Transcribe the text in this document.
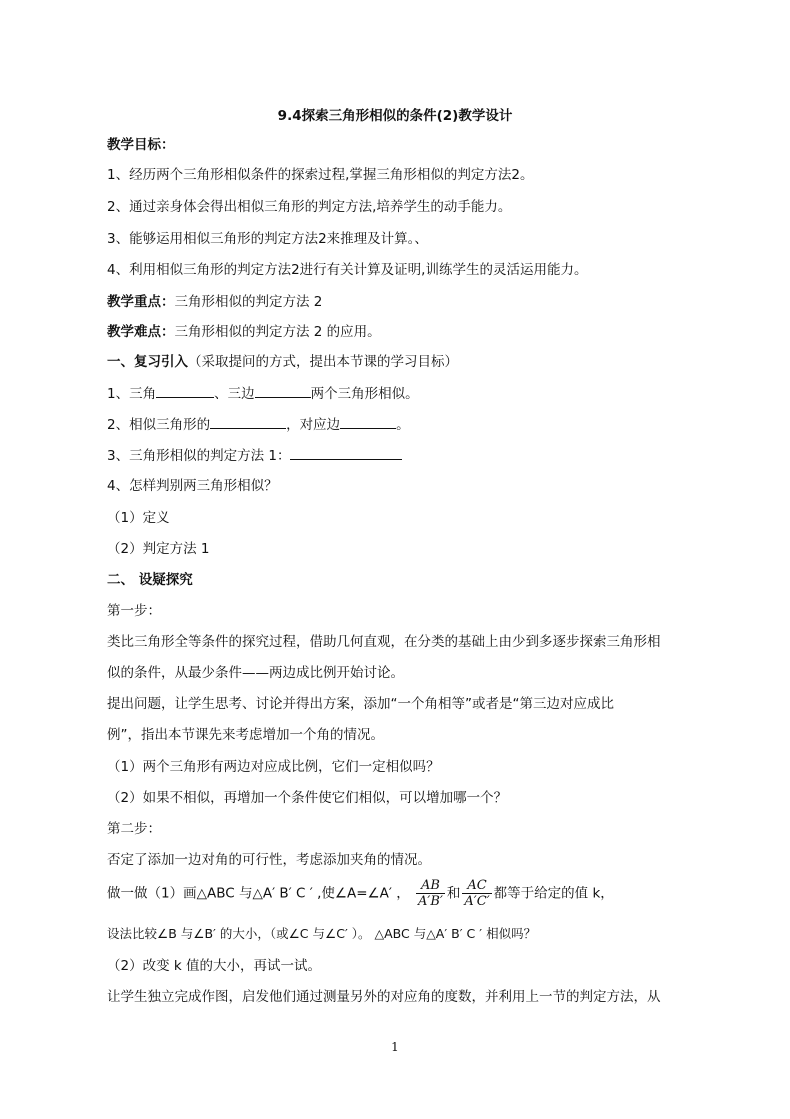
9.4探索三角形相似的条件(2)教学设计
教学目标：
1、经历两个三角形相似条件的探索过程,掌握三角形相似的判定方法2。
2、通过亲身体会得出相似三角形的判定方法,培养学生的动手能力。
3、能够运用相似三角形的判定方法2来推理及计算。、
4、利用相似三角形的判定方法2进行有关计算及证明,训练学生的灵活运用能力。
教学重点：三角形相似的判定方法 2
教学难点：三角形相似的判定方法 2 的应用。
一、复习引入（采取提问的方式，提出本节课的学习目标）
1、三角	、三边	两个三角形相似。
2、相似三角形的	，对应边	。
3、三角形相似的判定方法 1：
4、怎样判别两三角形相似？
（1）定义
（2）判定方法 1
二、 设疑探究
第一步：
类比三角形全等条件的探究过程，借助几何直观，在分类的基础上由少到多逐步探索三角形相
似的条件，从最少条件——两边成比例开始讨论。
提出问题，让学生思考、讨论并得出方案，添加“一个角相等”或者是“第三边对应成比
例”，指出本节课先来考虑增加一个角的情况。
（1）两个三角形有两边对应成比例，它们一定相似吗？
（2）如果不相似，再增加一个条件使它们相似，可以增加哪一个？
第二步：
否定了添加一边对角的可行性，考虑添加夹角的情况。
做一做（1）画△ABC 与△A′ B′ C ′ ,使∠A=∠A′ ， $\frac{AB}{A'B'}$ 和 $\frac{AC}{A'C'}$ 都等于给定的值 k，
设法比较∠B 与∠B′ 的大小，（或∠C 与∠C′ ）。 △ABC 与△A′ B′ C ′ 相似吗？
（2）改变 k 值的大小，再试一试。
让学生独立完成作图，启发他们通过测量另外的对应角的度数，并利用上一节的判定方法，从
1
